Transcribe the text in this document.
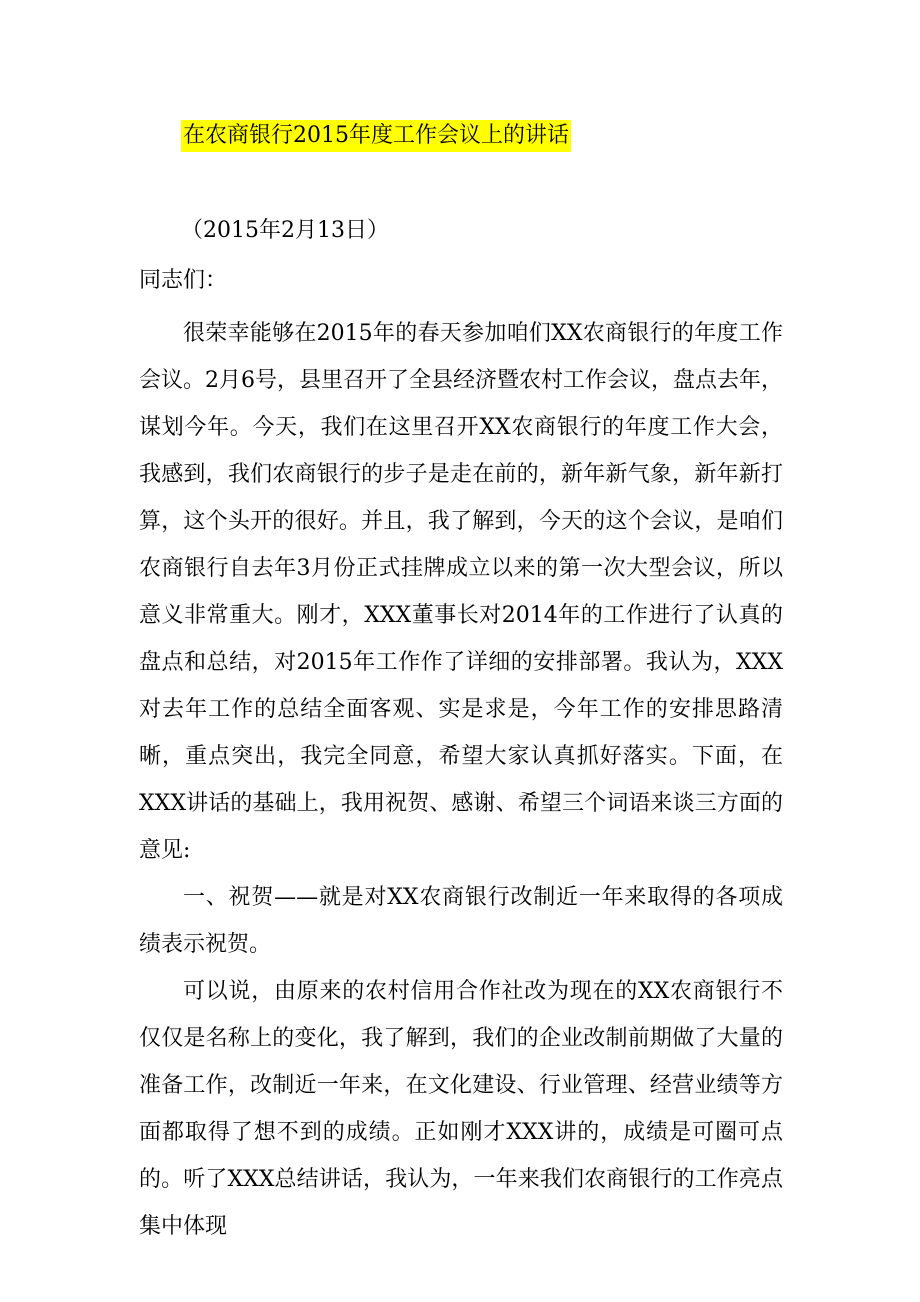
在农商银行2015年度工作会议上的讲话
（2015年2月13日）
同志们：

很荣幸能够在2015年的春天参加咱们XX农商银行的年度工作会议。2月6号，县里召开了全县经济暨农村工作会议，盘点去年，谋划今年。今天，我们在这里召开XX农商银行的年度工作大会，我感到，我们农商银行的步子是走在前的，新年新气象，新年新打算，这个头开的很好。并且，我了解到，今天的这个会议，是咱们农商银行自去年3月份正式挂牌成立以来的第一次大型会议，所以意义非常重大。刚才，XXX董事长对2014年的工作进行了认真的盘点和总结，对2015年工作作了详细的安排部署。我认为，XXX对去年工作的总结全面客观、实是求是，今年工作的安排思路清晰，重点突出，我完全同意，希望大家认真抓好落实。下面，在XXX讲话的基础上，我用祝贺、感谢、希望三个词语来谈三方面的意见:

一、祝贺——就是对XX农商银行改制近一年来取得的各项成绩表示祝贺。

可以说，由原来的农村信用合作社改为现在的XX农商银行不仅仅是名称上的变化，我了解到，我们的企业改制前期做了大量的准备工作，改制近一年来，在文化建设、行业管理、经营业绩等方面都取得了想不到的成绩。正如刚才XXX讲的，成绩是可圈可点的。听了XXX总结讲话，我认为，一年来我们农商银行的工作亮点集中体现
